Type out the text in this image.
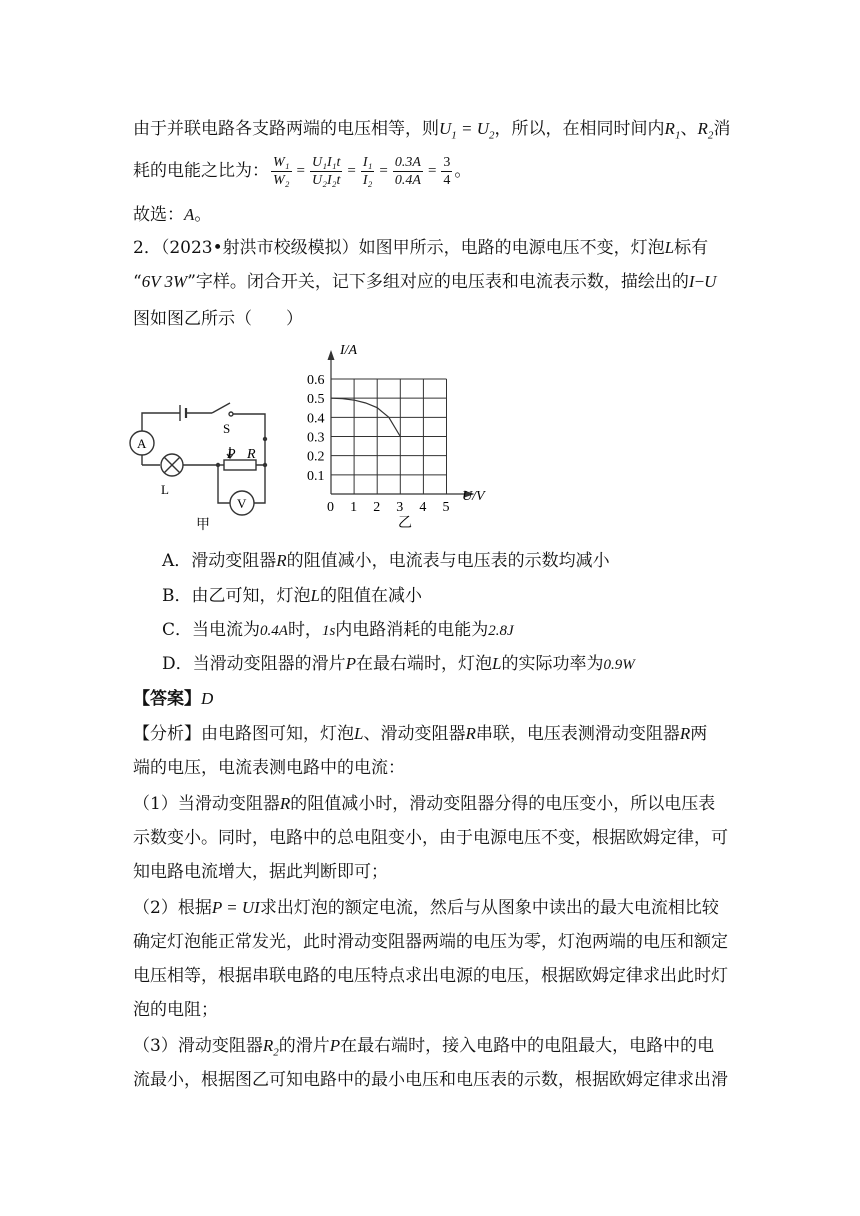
由于并联电路各支路两端的电压相等，则$U_1 = U_2$，所以，在相同时间内$R_1$、$R_2$消
耗的电能之比为： $\frac{\text{W₁}}{\text{W₂}} = \frac{\text{U₁I₁t}}{\text{U₂I₂t}} = \frac{\text{I₁}}{\text{I₂}} = \frac{0.3A}{0.4A} = \frac{3}{4}$ 。
故选：A。
2．（2023•射洪市校级模拟）如图甲所示，电路的电源电压不变，灯泡L标有
“6V 3W”字样。闭合开关，记下多组对应的电压表和电流表示数，描绘出的I−U
图如图乙所示（　　）
A
S
P R
L
V
甲
0 1 2 3 4 5
0.1
0.2
0.3
0.4
0.5
0.6
I/A
U/V
乙
A．滑动变阻器R的阻值减小，电流表与电压表的示数均减小
B．由乙可知，灯泡L的阻值在减小
C．当电流为0.4A时，1s内电路消耗的电能为2.8J
D．当滑动变阻器的滑片P在最右端时，灯泡L的实际功率为0.9W
【答案】D
【分析】由电路图可知，灯泡L、滑动变阻器R串联，电压表测滑动变阻器R两
端的电压，电流表测电路中的电流：
（1）当滑动变阻器R的阻值减小时，滑动变阻器分得的电压变小，所以电压表
示数变小。同时，电路中的总电阻变小，由于电源电压不变，根据欧姆定律，可
知电路电流增大，据此判断即可；
（2）根据P = UI求出灯泡的额定电流，然后与从图象中读出的最大电流相比较
确定灯泡能正常发光，此时滑动变阻器两端的电压为零，灯泡两端的电压和额定
电压相等，根据串联电路的电压特点求出电源的电压，根据欧姆定律求出此时灯
泡的电阻；
（3）滑动变阻器$R_2$的滑片P在最右端时，接入电路中的电阻最大，电路中的电
流最小，根据图乙可知电路中的最小电压和电压表的示数，根据欧姆定律求出滑
